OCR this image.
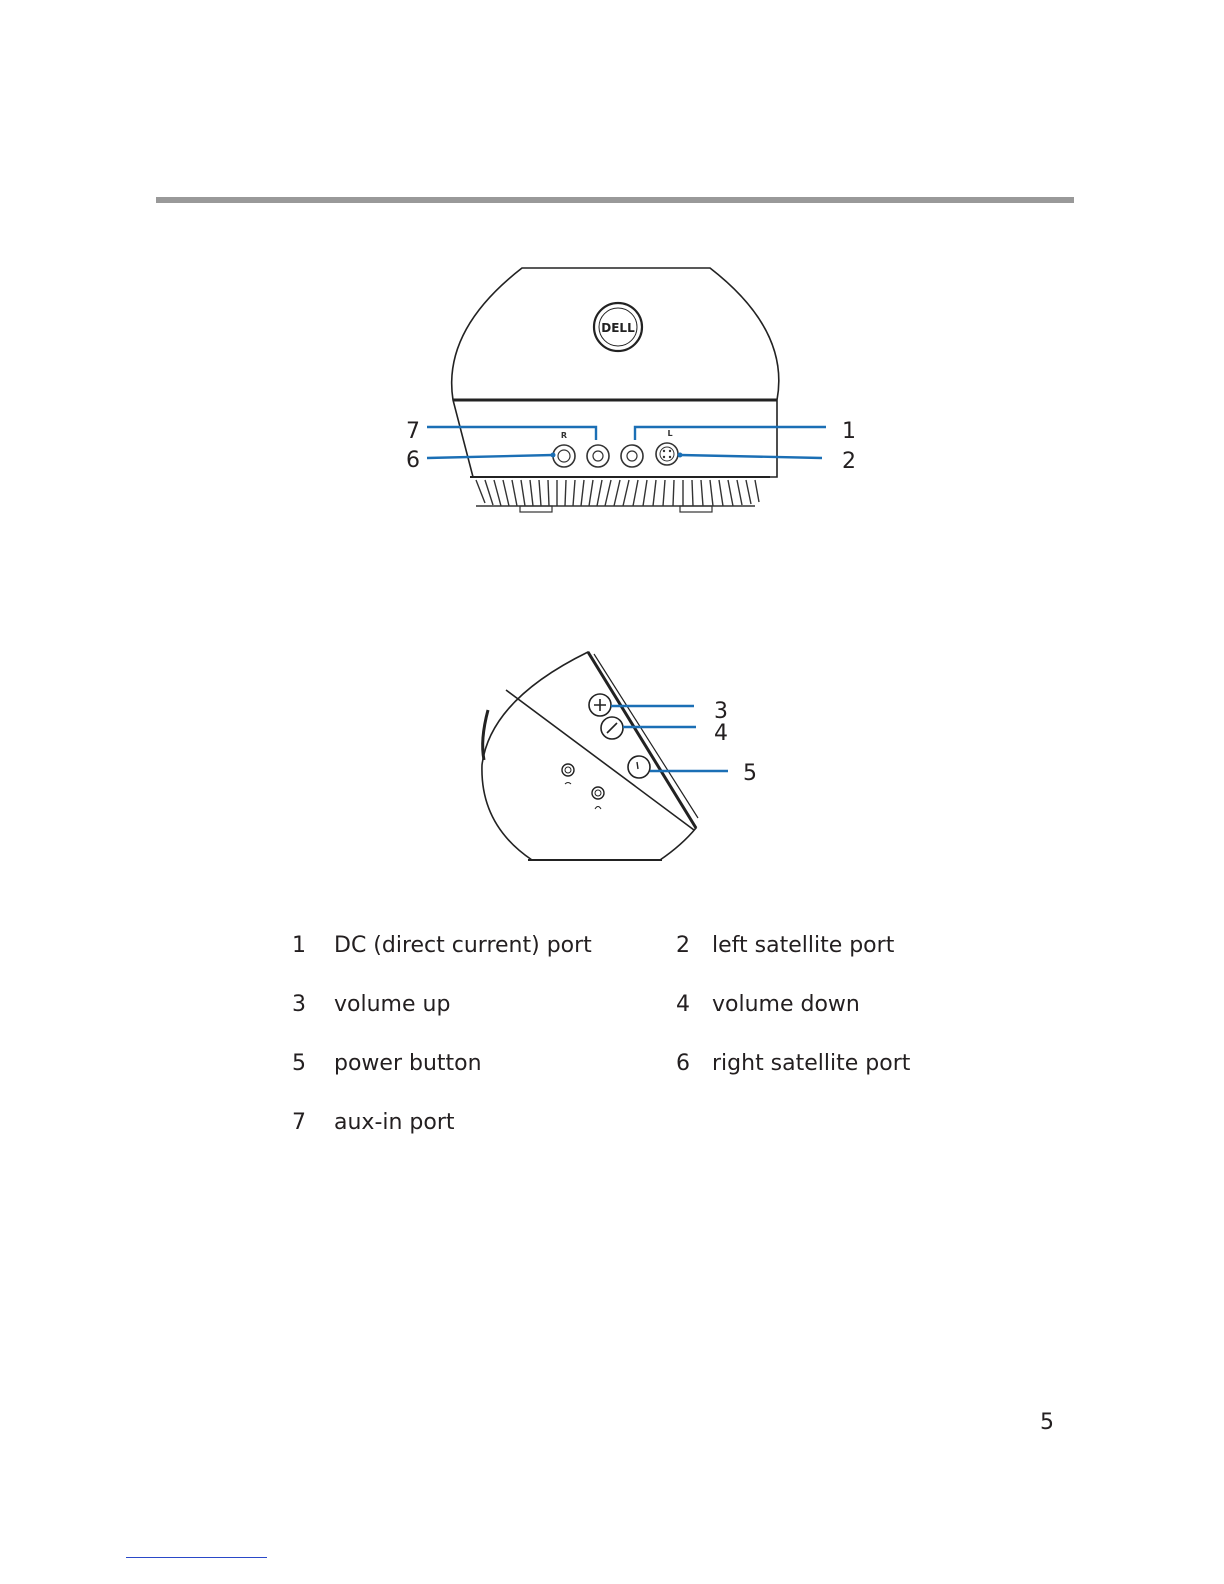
DELL
R	L
7
6
1
2
3
4
5
1	DC (direct current) port	2	left satellite port
3	volume up	4	volume down
5	power button	6	right satellite port
7	aux-in port
5
